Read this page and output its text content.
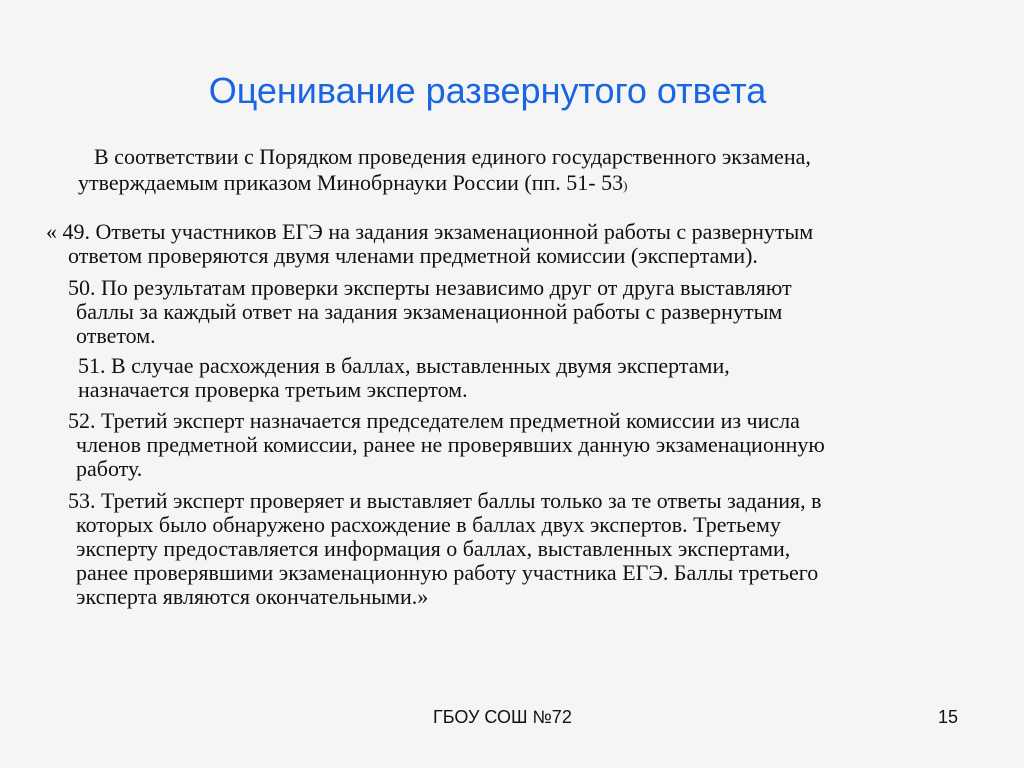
Оценивание развернутого ответа
В соответствии с Порядком проведения единого государственного экзамена,
утверждаемым приказом Минобрнауки России (пп. 51- 53)
« 49. Ответы участников ЕГЭ на задания экзаменационной работы с развернутым
ответом проверяются двумя членами предметной комиссии (экспертами).
50. По результатам проверки эксперты независимо друг от друга выставляют
баллы за каждый ответ на задания экзаменационной работы с развернутым
ответом.
51. В случае расхождения в баллах, выставленных двумя экспертами,
назначается проверка третьим экспертом.
52. Третий эксперт назначается председателем предметной комиссии из числа
членов предметной комиссии, ранее не проверявших данную экзаменационную
работу.
53. Третий эксперт проверяет и выставляет баллы только за те ответы задания, в
которых было обнаружено расхождение в баллах двух экспертов. Третьему
эксперту предоставляется информация о баллах, выставленных экспертами,
ранее проверявшими экзаменационную работу участника ЕГЭ. Баллы третьего
эксперта являются окончательными.»
ГБОУ СОШ №72	15
